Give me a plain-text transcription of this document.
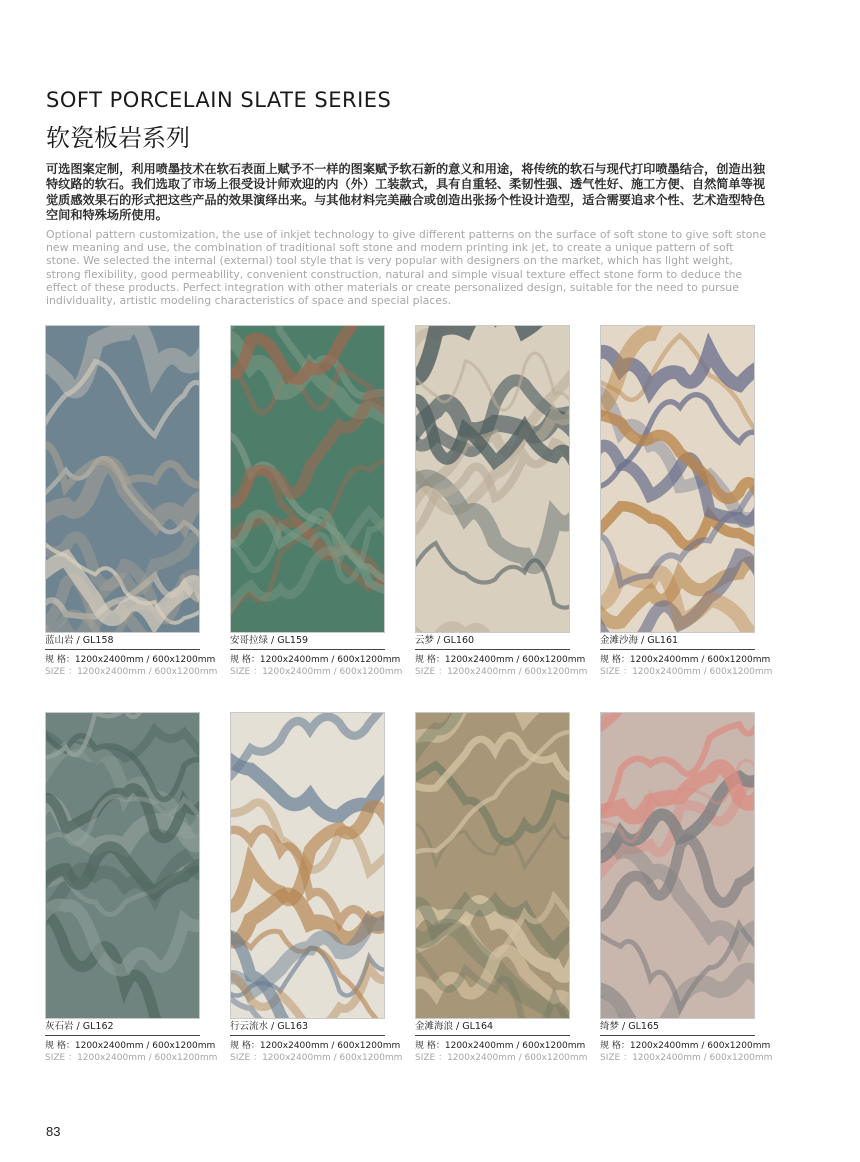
SOFT PORCELAIN SLATE SERIES
软瓷板岩系列
可选图案定制，利用喷墨技术在软石表面上赋予不一样的图案赋予软石新的意义和用途，将传统的软石与现代打印喷墨结合，创造出独特纹路的软石。我们选取了市场上很受设计师欢迎的内（外）工装款式，具有自重轻、柔韧性强、透气性好、施工方便、自然简单等视觉质感效果石的形式把这些产品的效果演绎出来。与其他材料完美融合或创造出张扬个性设计造型，适合需要追求个性、艺术造型特色空间和特殊场所使用。
Optional pattern customization, the use of inkjet technology to give different patterns on the surface of soft stone to give soft stone new meaning and use, the combination of traditional soft stone and modern printing ink jet, to create a unique pattern of soft stone. We selected the internal (external) tool style that is very popular with designers on the market, which has light weight, strong flexibility, good permeability, convenient construction, natural and simple visual texture effect stone form to deduce the effect of these products. Perfect integration with other materials or create personalized design, suitable for the need to pursue individuality, artistic modeling characteristics of space and special places.
蓝山岩 / GL158
规 格：1200x2400mm / 600x1200mm
SIZE ：1200x2400mm / 600x1200mm
安哥拉绿 / GL159
规 格：1200x2400mm / 600x1200mm
SIZE ：1200x2400mm / 600x1200mm
云梦 / GL160
规 格：1200x2400mm / 600x1200mm
SIZE ：1200x2400mm / 600x1200mm
金滩沙海 / GL161
规 格：1200x2400mm / 600x1200mm
SIZE ：1200x2400mm / 600x1200mm
灰石岩 / GL162
规 格：1200x2400mm / 600x1200mm
SIZE ：1200x2400mm / 600x1200mm
行云流水 / GL163
规 格：1200x2400mm / 600x1200mm
SIZE ：1200x2400mm / 600x1200mm
金滩海浪 / GL164
规 格：1200x2400mm / 600x1200mm
SIZE ：1200x2400mm / 600x1200mm
绮梦 / GL165
规 格：1200x2400mm / 600x1200mm
SIZE ：1200x2400mm / 600x1200mm
83
